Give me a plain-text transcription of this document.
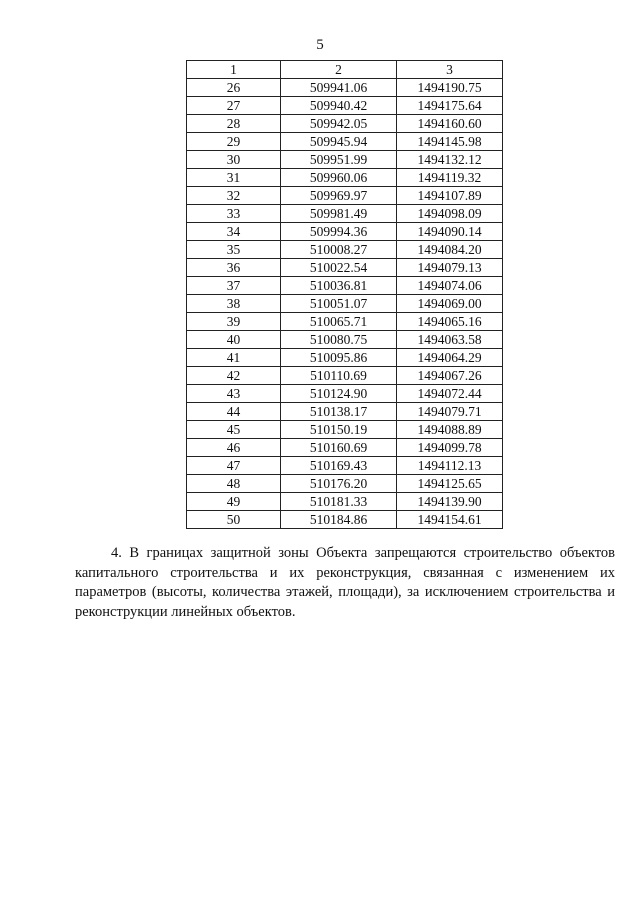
5
1	2	3
26	509941.06	1494190.75
27	509940.42	1494175.64
28	509942.05	1494160.60
29	509945.94	1494145.98
30	509951.99	1494132.12
31	509960.06	1494119.32
32	509969.97	1494107.89
33	509981.49	1494098.09
34	509994.36	1494090.14
35	510008.27	1494084.20
36	510022.54	1494079.13
37	510036.81	1494074.06
38	510051.07	1494069.00
39	510065.71	1494065.16
40	510080.75	1494063.58
41	510095.86	1494064.29
42	510110.69	1494067.26
43	510124.90	1494072.44
44	510138.17	1494079.71
45	510150.19	1494088.89
46	510160.69	1494099.78
47	510169.43	1494112.13
48	510176.20	1494125.65
49	510181.33	1494139.90
50	510184.86	1494154.61

4. В границах защитной зоны Объекта запрещаются строительство объектов капитального строительства и их реконструкция, связанная с изменением их параметров (высоты, количества этажей, площади), за исключением строительства и реконструкции линейных объектов.
